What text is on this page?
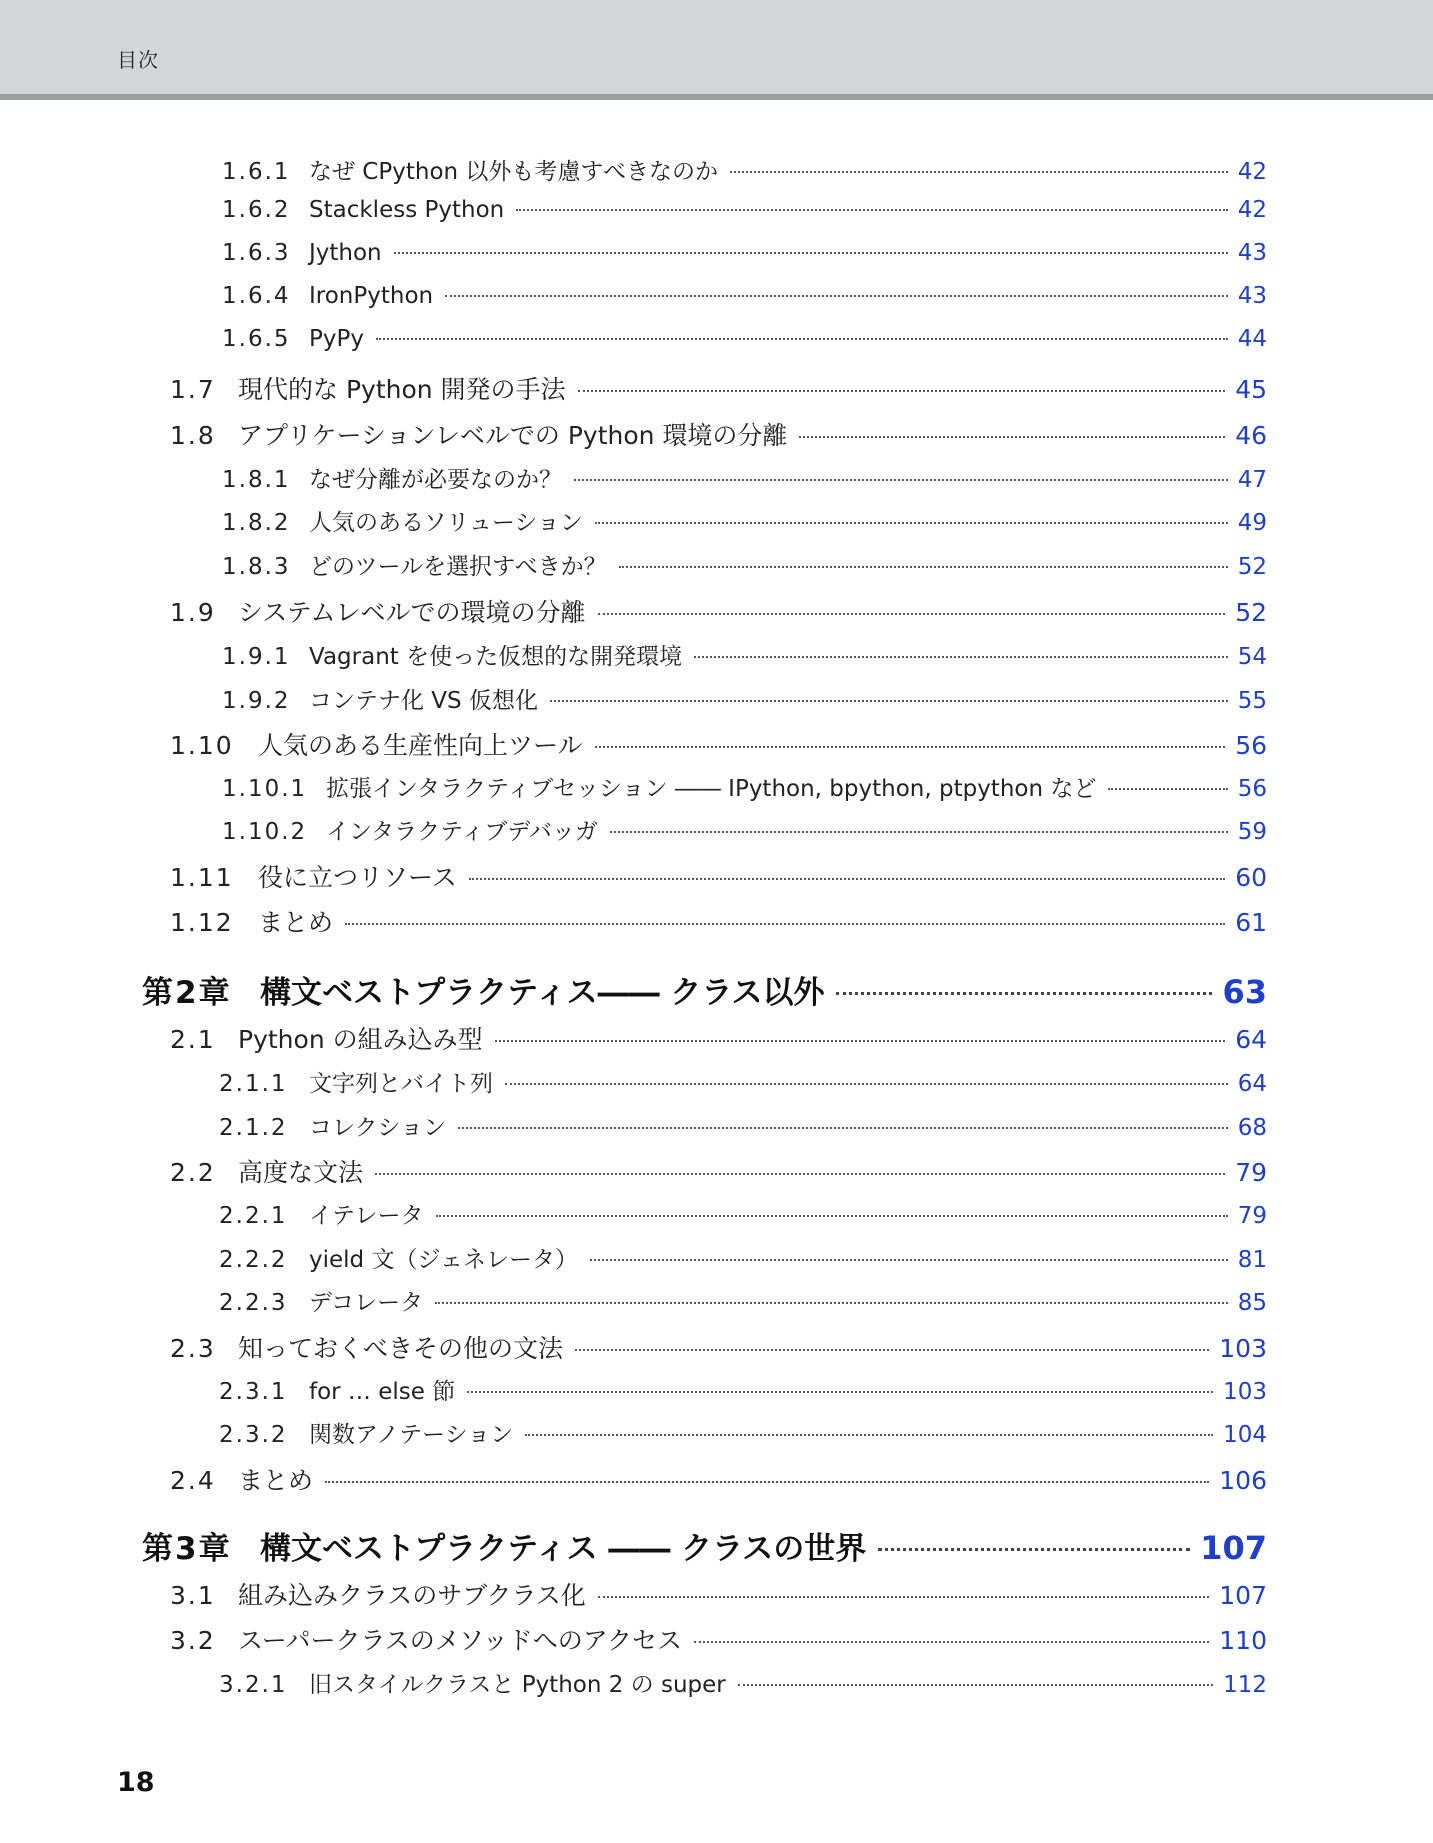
目次
1.6.1 なぜ CPython 以外も考慮すべきなのか	42
1.6.2 Stackless Python	42
1.6.3 Jython	43
1.6.4 IronPython	43
1.6.5 PyPy	44
1.7 現代的な Python 開発の手法	45
1.8 アプリケーションレベルでの Python 環境の分離	46
1.8.1 なぜ分離が必要なのか？	47
1.8.2 人気のあるソリューション	49
1.8.3 どのツールを選択すべきか？	52
1.9 システムレベルでの環境の分離	52
1.9.1 Vagrant を使った仮想的な開発環境	54
1.9.2 コンテナ化 VS 仮想化	55
1.10 人気のある生産性向上ツール	56
1.10.1 拡張インタラクティブセッション ―― IPython, bpython, ptpython など	56
1.10.2 インタラクティブデバッガ	59
1.11 役に立つリソース	60
1.12 まとめ	61
第2章 構文ベストプラクティス―― クラス以外	63
2.1 Python の組み込み型	64
2.1.1 文字列とバイト列	64
2.1.2 コレクション	68
2.2 高度な文法	79
2.2.1 イテレータ	79
2.2.2 yield 文（ジェネレータ）	81
2.2.3 デコレータ	85
2.3 知っておくべきその他の文法	103
2.3.1 for … else 節	103
2.3.2 関数アノテーション	104
2.4 まとめ	106
第3章 構文ベストプラクティス ―― クラスの世界	107
3.1 組み込みクラスのサブクラス化	107
3.2 スーパークラスのメソッドへのアクセス	110
3.2.1 旧スタイルクラスと Python 2 の super	112
18
